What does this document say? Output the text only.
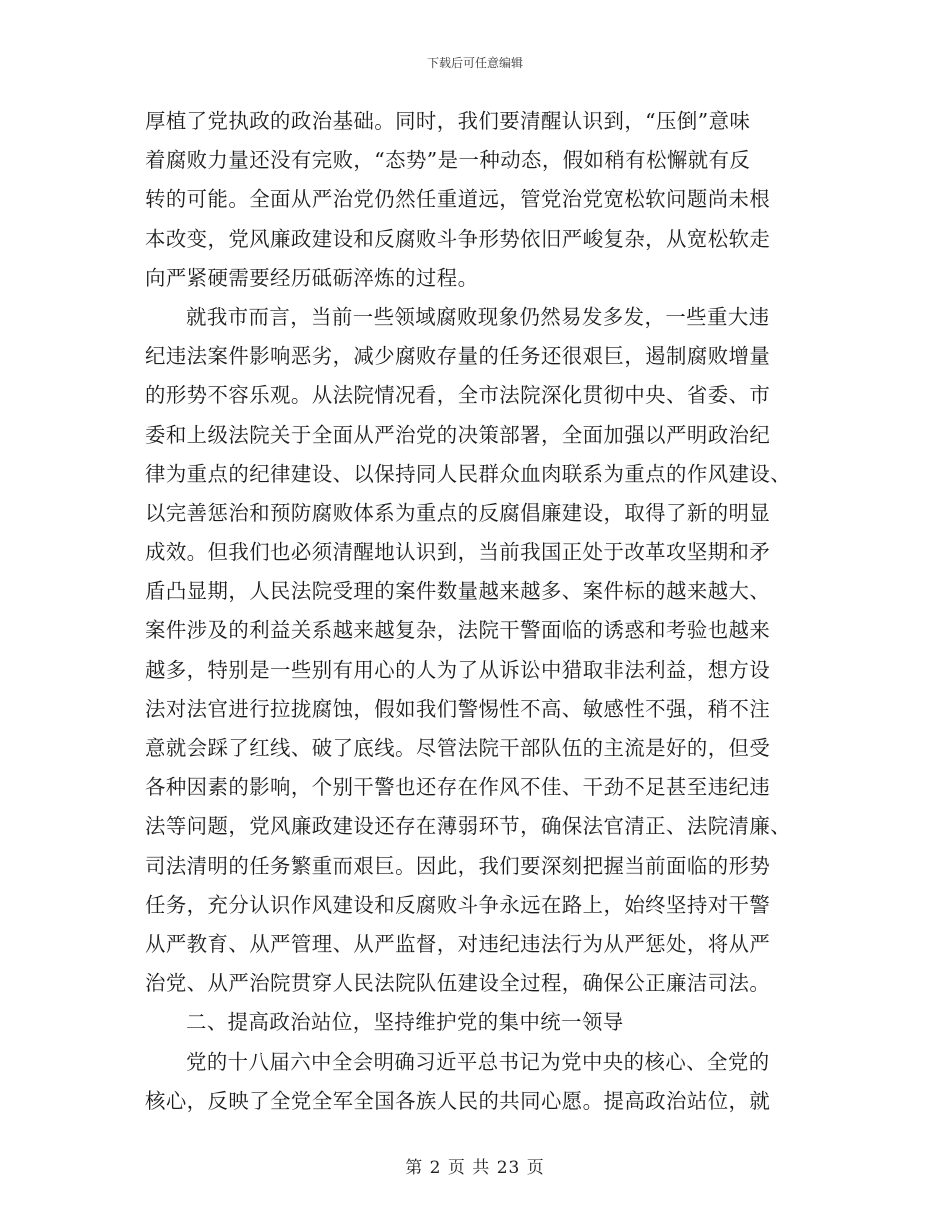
下载后可任意编辑
厚植了党执政的政治基础。同时，我们要清醒认识到，“压倒”意味
着腐败力量还没有完败，“态势”是一种动态，假如稍有松懈就有反
转的可能。全面从严治党仍然任重道远，管党治党宽松软问题尚未根
本改变，党风廉政建设和反腐败斗争形势依旧严峻复杂，从宽松软走
向严紧硬需要经历砥砺淬炼的过程。
就我市而言，当前一些领域腐败现象仍然易发多发，一些重大违
纪违法案件影响恶劣，减少腐败存量的任务还很艰巨，遏制腐败增量
的形势不容乐观。从法院情况看，全市法院深化贯彻中央、省委、市
委和上级法院关于全面从严治党的决策部署，全面加强以严明政治纪
律为重点的纪律建设、以保持同人民群众血肉联系为重点的作风建设、
以完善惩治和预防腐败体系为重点的反腐倡廉建设，取得了新的明显
成效。但我们也必须清醒地认识到，当前我国正处于改革攻坚期和矛
盾凸显期，人民法院受理的案件数量越来越多、案件标的越来越大、
案件涉及的利益关系越来越复杂，法院干警面临的诱惑和考验也越来
越多，特别是一些别有用心的人为了从诉讼中猎取非法利益，想方设
法对法官进行拉拢腐蚀，假如我们警惕性不高、敏感性不强，稍不注
意就会踩了红线、破了底线。尽管法院干部队伍的主流是好的，但受
各种因素的影响，个别干警也还存在作风不佳、干劲不足甚至违纪违
法等问题，党风廉政建设还存在薄弱环节，确保法官清正、法院清廉、
司法清明的任务繁重而艰巨。因此，我们要深刻把握当前面临的形势
任务，充分认识作风建设和反腐败斗争永远在路上，始终坚持对干警
从严教育、从严管理、从严监督，对违纪违法行为从严惩处，将从严
治党、从严治院贯穿人民法院队伍建设全过程，确保公正廉洁司法。
二、提高政治站位，坚持维护党的集中统一领导
党的十八届六中全会明确习近平总书记为党中央的核心、全党的
核心，反映了全党全军全国各族人民的共同心愿。提高政治站位，就
第 2 页 共 23 页
